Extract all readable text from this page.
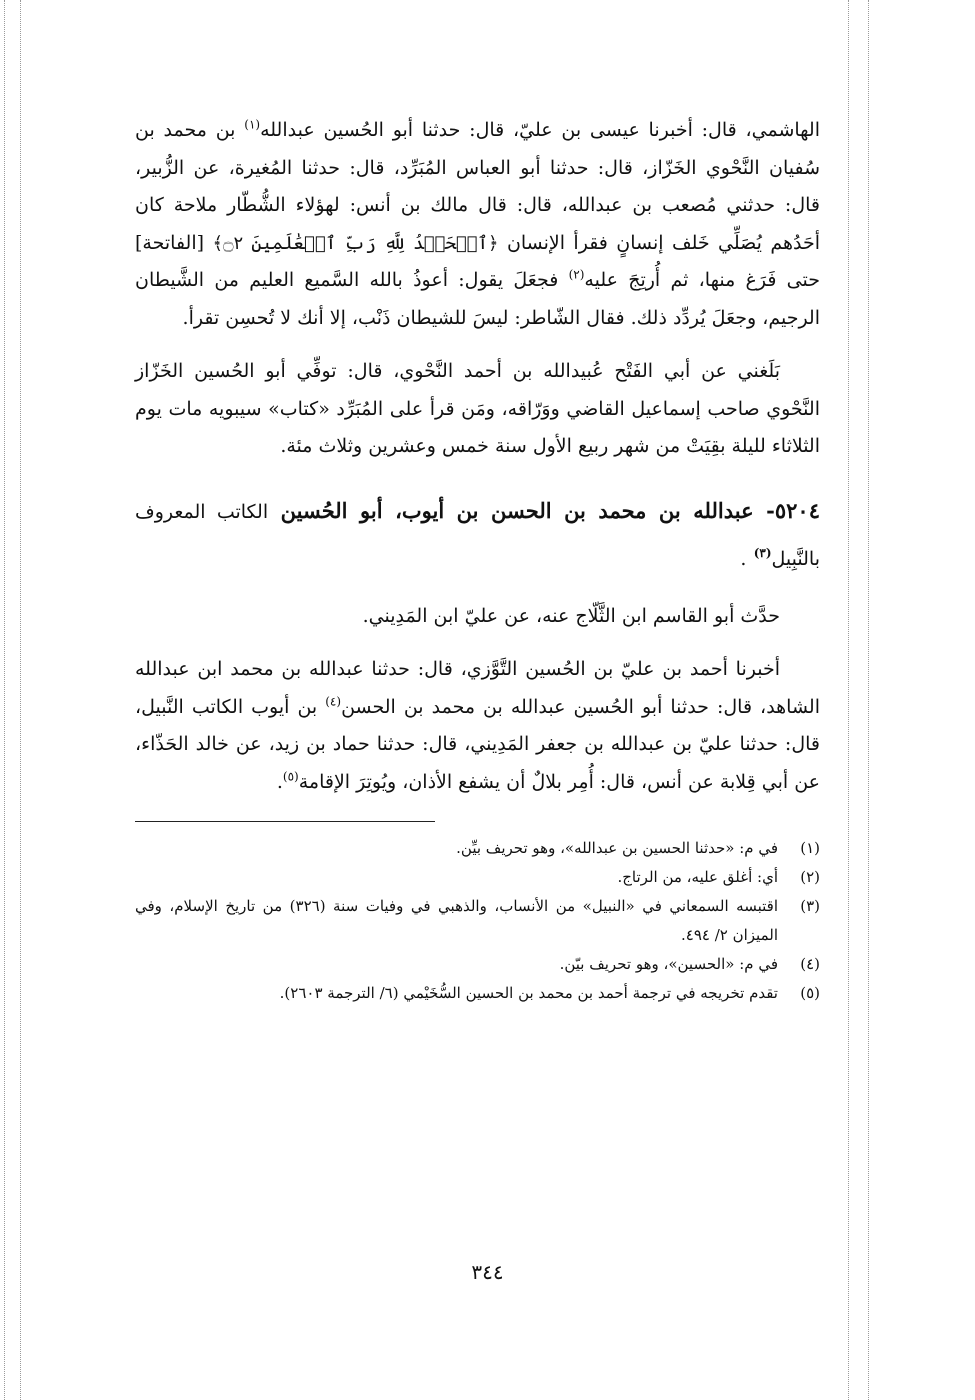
الهاشمي، قال: أخبرنا عيسى بن عليّ، قال: حدثنا أبو الحُسين عبدالله$^{(١)}$ بن محمد بن سُفيان النَّحْوي الخَزّاز، قال: حدثنا أبو العباس المُبَرِّد، قال: حدثنا المُغيرة، عن الزُّبير، قال: حدثني مُصعب بن عبدالله، قال: قال مالك بن أنس: لهؤلاء الشُّطّار ملاحة كان أحَدُهم يُصَلِّي خَلف إنسانٍ فقرأ الإنسان ﴿ٱلۡحَمۡدُ لِلَّهِ رَبِّ ٱلۡعَٰلَمِينَ ۝٢﴾ [الفاتحة] حتى فَرَغ منها، ثم أُرتِجَ عليه$^{(٢)}$ فجعَلَ يقول: أعوذُ بالله السَّميع العليم من الشَّيطان الرجيم، وجعَلَ يُردِّد ذلك. فقال الشّاطر: ليسَ للشيطان ذَنْب، إلا أنك لا تُحسِن تقرأ.

بَلَغني عن أبي الفَتْح عُبيدالله بن أحمد النَّحْوي، قال: توفِّي أبو الحُسين الخَزّاز النَّحْوي صاحب إسماعيل القاضي ووَرّاقه، ومَن قرأ على المُبَرِّد «كتاب» سيبويه مات يوم الثلاثاء لليلة بقِيَتْ من شهر ربيع الأول سنة خمس وعشرين وثلاث مئة.

٥٢٠٤- عبدالله بن محمد بن الحسن بن أيوب، أبو الحُسين الكاتب المعروف بالنَّبِيل$^{(٣)}$ .

حدَّث أبو القاسم ابن الثَّلّاج عنه، عن عليّ ابن المَدِيني.

أخبرنا أحمد بن عليّ بن الحُسين التَّوَّزي، قال: حدثنا عبدالله بن محمد ابن عبدالله الشاهد، قال: حدثنا أبو الحُسين عبدالله بن محمد بن الحسن$^{(٤)}$ بن أيوب الكاتب النَّبيل، قال: حدثنا عليّ بن عبدالله بن جعفر المَدِيني، قال: حدثنا حماد بن زيد، عن خالد الحَذّاء، عن أبي قِلابة عن أنس، قال: أُمِر بلالٌ أن يشفع الأذان، ويُوتِرَ الإقامة$^{(٥)}$.

(١)
في م: «حدثنا الحسين بن عبدالله»، وهو تحريف بيِّن.
(٢)
أي: أغلق عليه، من الرتاج.
(٣)
اقتبسه السمعاني في «النبيل» من الأنساب، والذهبي في وفيات سنة (٣٢٦) من تاريخ الإسلام، وفي الميزان ٢/ ٤٩٤.
(٤)
في م: «الحسين»، وهو تحريف بيّن.
(٥)
تقدم تخريجه في ترجمة أحمد بن محمد بن الحسين السُّخَيْمي (٦/ الترجمة ٢٦٠٣).
٣٤٤
